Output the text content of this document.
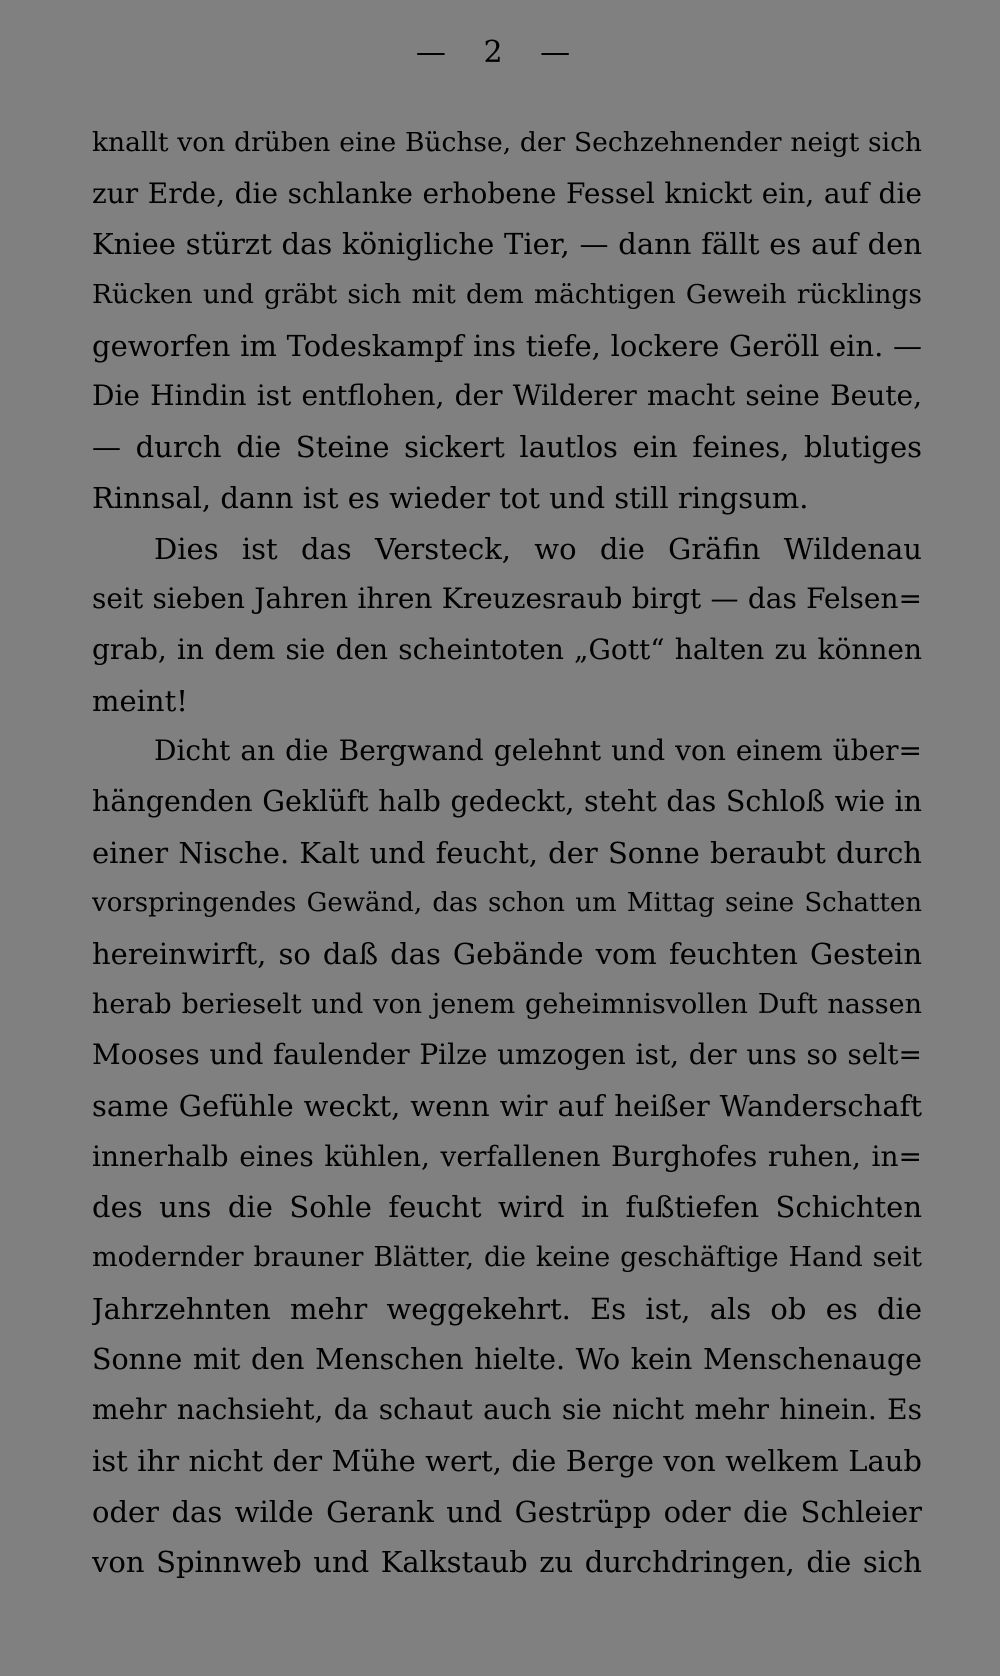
— 2 —
knallt von drüben eine Büchse, der Sechzehnender neigt sich
zur Erde, die schlanke erhobene Fessel knickt ein, auf die
Kniee stürzt das königliche Tier, — dann fällt es auf den
Rücken und gräbt sich mit dem mächtigen Geweih rücklings
geworfen im Todeskampf ins tiefe, lockere Geröll ein. —
Die Hindin ist entflohen, der Wilderer macht seine Beute,
— durch die Steine sickert lautlos ein feines, blutiges
Rinnsal, dann ist es wieder tot und still ringsum.
Dies ist das Versteck, wo die Gräfin Wildenau
seit sieben Jahren ihren Kreuzesraub birgt — das Felsen=
grab, in dem sie den scheintoten „Gott“ halten zu können
meint!
Dicht an die Bergwand gelehnt und von einem über=
hängenden Geklüft halb gedeckt, steht das Schloß wie in
einer Nische. Kalt und feucht, der Sonne beraubt durch
vorspringendes Gewänd, das schon um Mittag seine Schatten
hereinwirft, so daß das Gebände vom feuchten Gestein
herab berieselt und von jenem geheimnisvollen Duft nassen
Mooses und faulender Pilze umzogen ist, der uns so selt=
same Gefühle weckt, wenn wir auf heißer Wanderschaft
innerhalb eines kühlen, verfallenen Burghofes ruhen, in=
des uns die Sohle feucht wird in fußtiefen Schichten
modernder brauner Blätter, die keine geschäftige Hand seit
Jahrzehnten mehr weggekehrt. Es ist, als ob es die
Sonne mit den Menschen hielte. Wo kein Menschenauge
mehr nachsieht, da schaut auch sie nicht mehr hinein. Es
ist ihr nicht der Mühe wert, die Berge von welkem Laub
oder das wilde Gerank und Gestrüpp oder die Schleier
von Spinnweb und Kalkstaub zu durchdringen, die sich
